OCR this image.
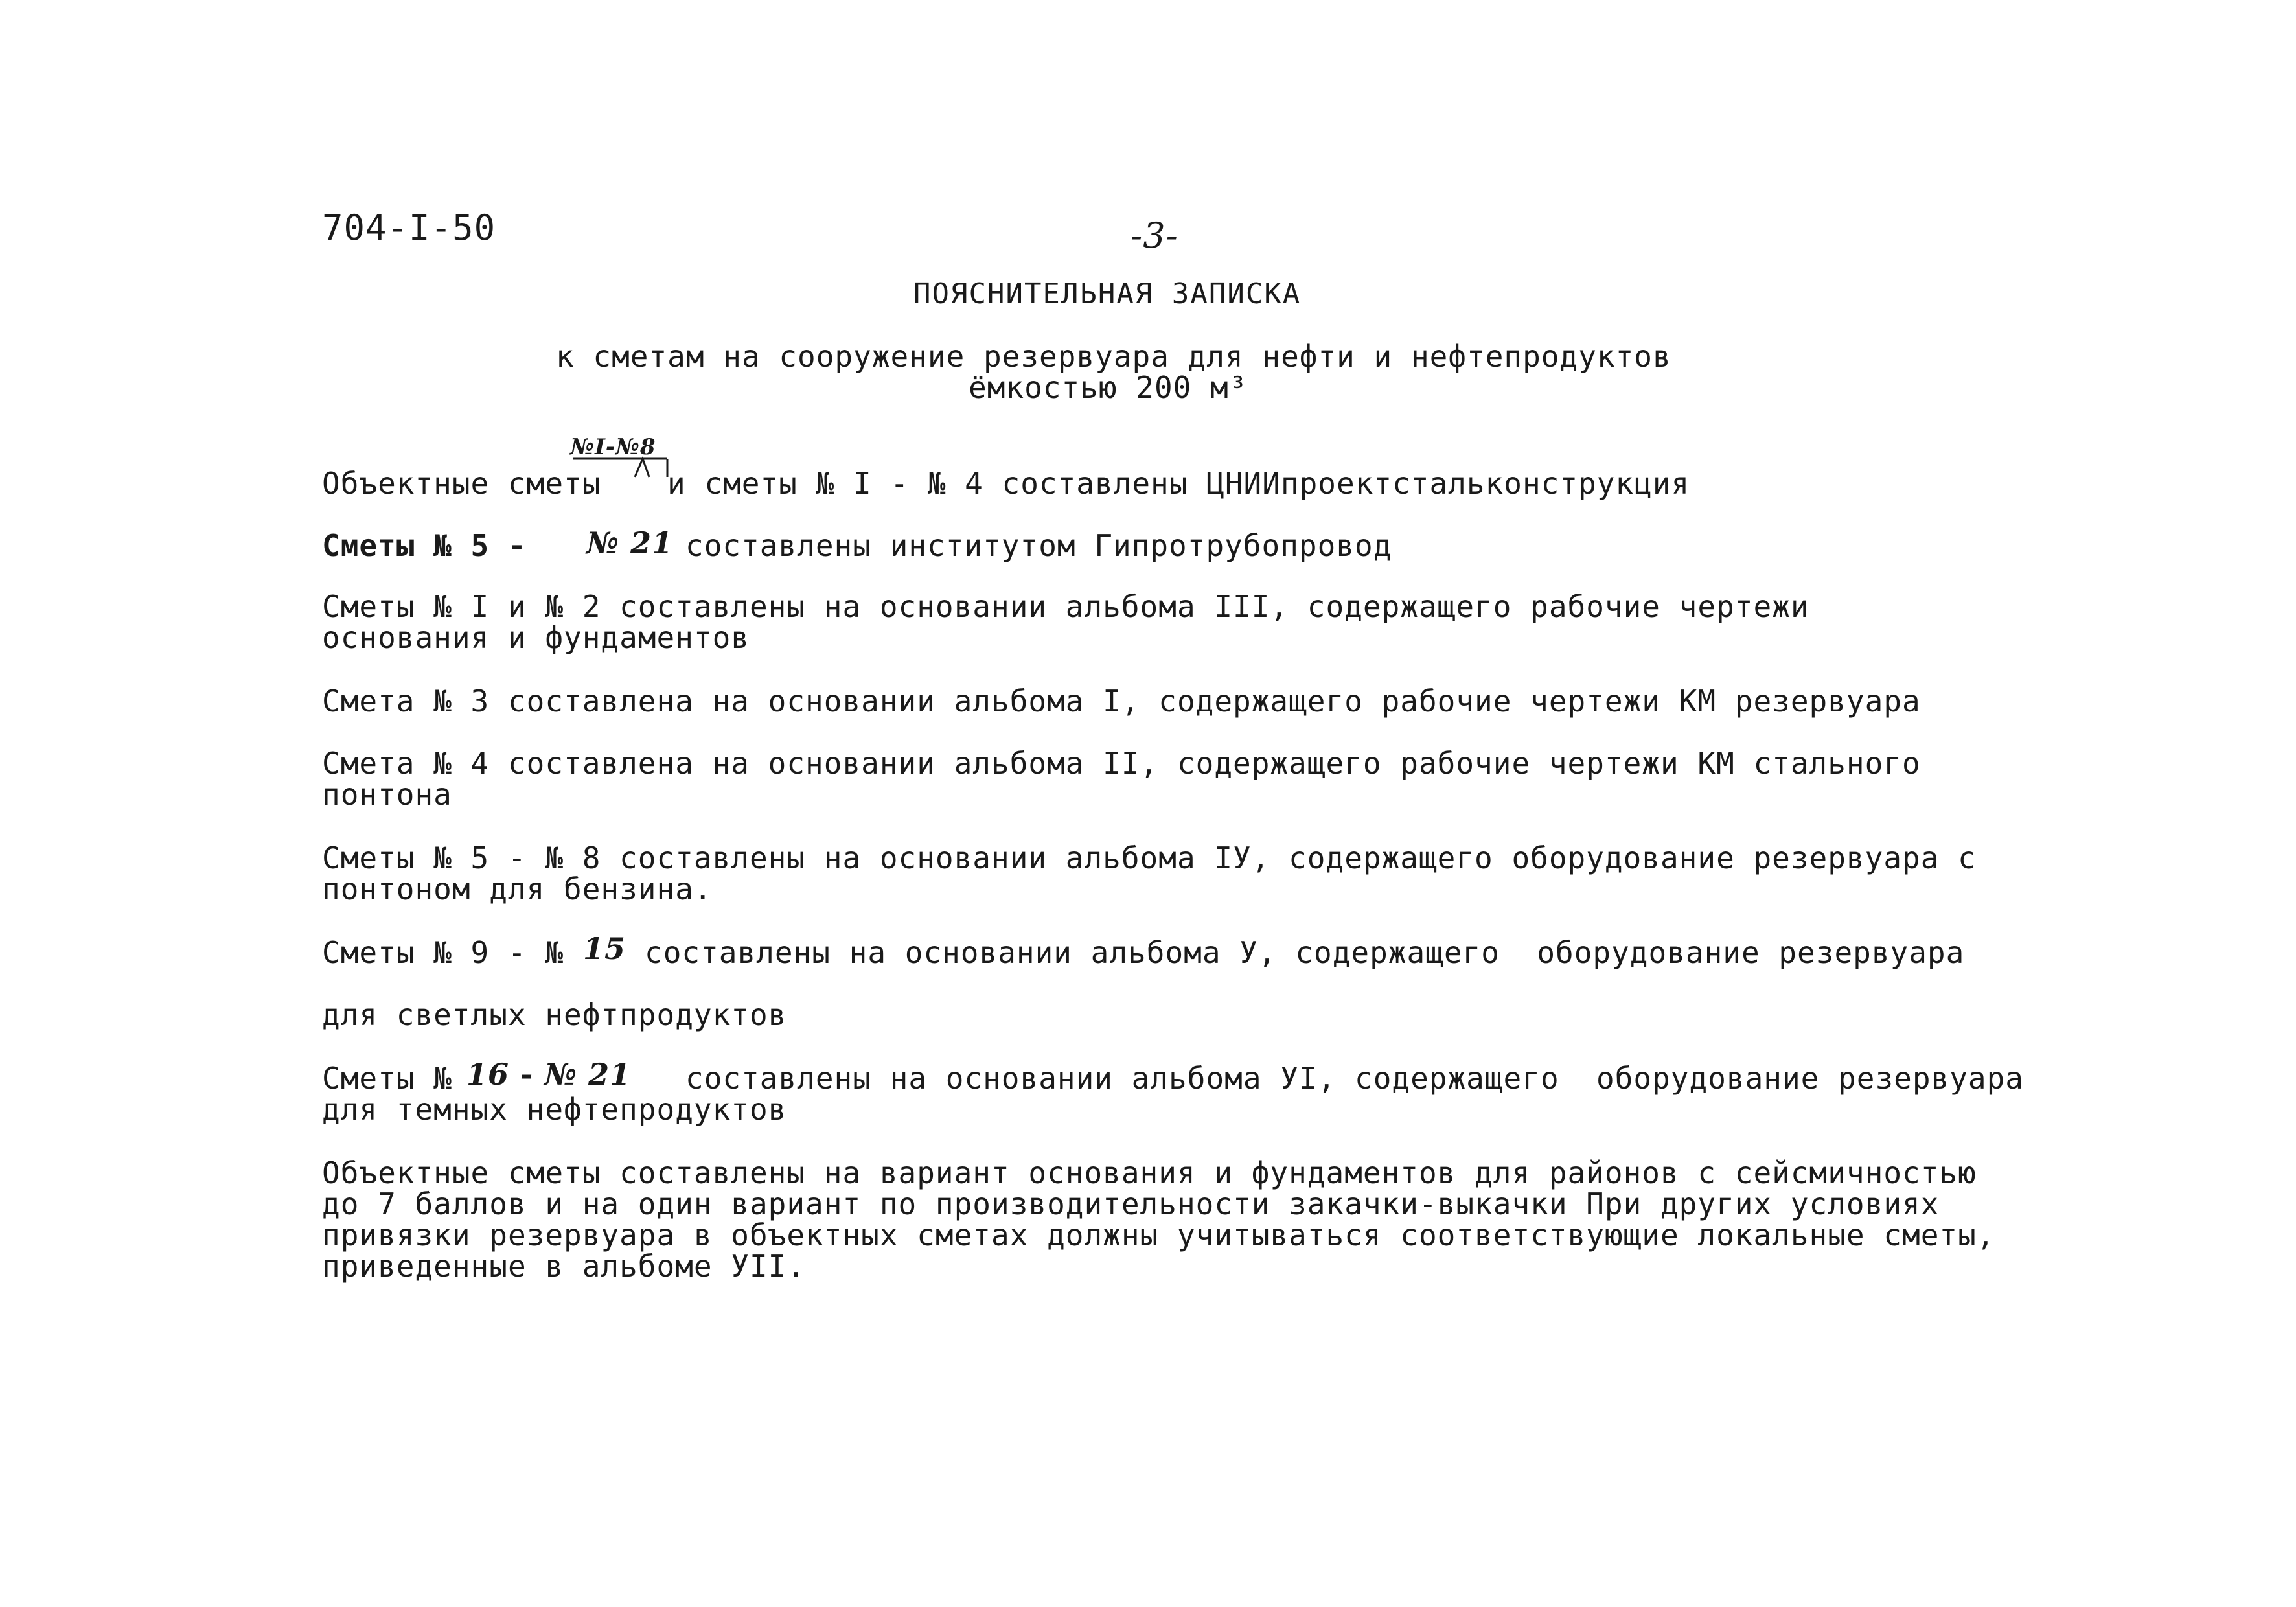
704-I-50	-3-
ПОЯСНИТЕЛЬНАЯ ЗАПИСКА
к сметам на сооружение резервуара для нефти и нефтепродуктов
ёмкостью 200 м³
№I-№8
Объектные сметы и сметы № I - № 4 составлены ЦНИИпроектстальконструкция
Сметы № 5 - № 21 составлены институтом Гипротрубопровод
Сметы № I и № 2 составлены на основании альбома III, содержащего рабочие чертежи
основания и фундаментов
Смета № 3 составлена на основании альбома I, содержащего рабочие чертежи КМ резервуара
Смета № 4 составлена на основании альбома II, содержащего рабочие чертежи КМ стального
понтона
Сметы № 5 - № 8 составлены на основании альбома IУ, содержащего оборудование резервуара с
понтоном для бензина.
Сметы № 9 - № 15 составлены на основании альбома У, содержащего  оборудование резервуара
для светлых нефтпродуктов
Сметы № 16 - № 21 составлены на основании альбома УI, содержащего  оборудование резервуара
для темных нефтепродуктов
Объектные сметы составлены на вариант основания и фундаментов для районов с сейсмичностью
до 7 баллов и на один вариант по производительности закачки-выкачки При других условиях
привязки резервуара в объектных сметах должны учитываться соответствующие локальные сметы,
приведенные в альбоме УII.
